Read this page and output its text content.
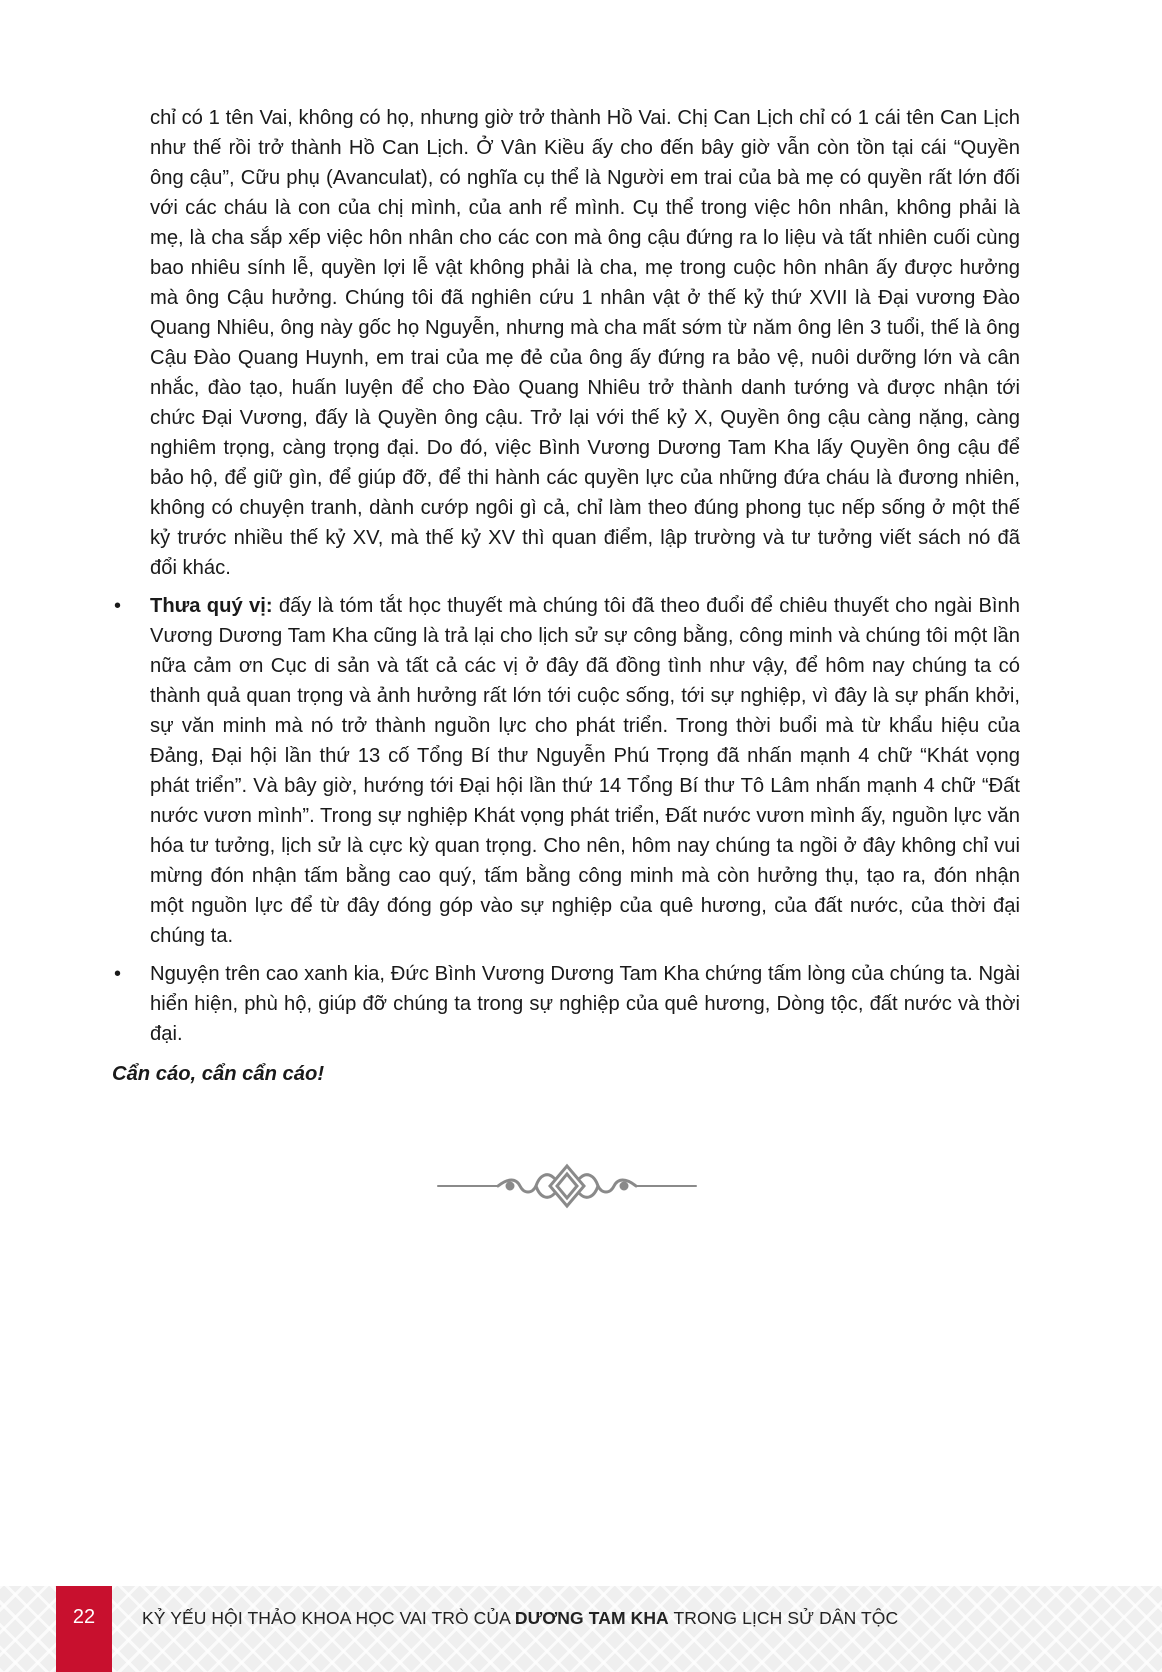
chỉ có 1 tên Vai, không có họ, nhưng giờ trở thành Hồ Vai. Chị Can Lịch chỉ có 1 cái tên Can Lịch như thế rồi trở thành Hồ Can Lịch. Ở Vân Kiều ấy cho đến bây giờ vẫn còn tồn tại cái “Quyền ông cậu”, Cữu phụ (Avanculat), có nghĩa cụ thể là Người em trai của bà mẹ có quyền rất lớn đối với các cháu là con của chị mình, của anh rể mình. Cụ thể trong việc hôn nhân, không phải là mẹ, là cha sắp xếp việc hôn nhân cho các con mà ông cậu đứng ra lo liệu và tất nhiên cuối cùng bao nhiêu sính lễ, quyền lợi lễ vật không phải là cha, mẹ trong cuộc hôn nhân ấy được hưởng mà ông Cậu hưởng. Chúng tôi đã nghiên cứu 1 nhân vật ở thế kỷ thứ XVII là Đại vương Đào Quang Nhiêu, ông này gốc họ Nguyễn, nhưng mà cha mất sớm từ năm ông lên 3 tuổi, thế là ông Cậu Đào Quang Huynh, em trai của mẹ đẻ của ông ấy đứng ra bảo vệ, nuôi dưỡng lớn và cân nhắc, đào tạo, huấn luyện để cho Đào Quang Nhiêu trở thành danh tướng và được nhận tới chức Đại Vương, đấy là Quyền ông cậu. Trở lại với thế kỷ X, Quyền ông cậu càng nặng, càng nghiêm trọng, càng trọng đại. Do đó, việc Bình Vương Dương Tam Kha lấy Quyền ông cậu để bảo hộ, để giữ gìn, để giúp đỡ, để thi hành các quyền lực của những đứa cháu là đương nhiên, không có chuyện tranh, dành cướp ngôi gì cả, chỉ làm theo đúng phong tục nếp sống ở một thế kỷ trước nhiều thế kỷ XV, mà thế kỷ XV thì quan điểm, lập trường và tư tưởng viết sách nó đã đổi khác.

• Thưa quý vị: đấy là tóm tắt học thuyết mà chúng tôi đã theo đuổi để chiêu thuyết cho ngài Bình Vương Dương Tam Kha cũng là trả lại cho lịch sử sự công bằng, công minh và chúng tôi một lần nữa cảm ơn Cục di sản và tất cả các vị ở đây đã đồng tình như vậy, để hôm nay chúng ta có thành quả quan trọng và ảnh hưởng rất lớn tới cuộc sống, tới sự nghiệp, vì đây là sự phấn khởi, sự văn minh mà nó trở thành nguồn lực cho phát triển. Trong thời buổi mà từ khẩu hiệu của Đảng, Đại hội lần thứ 13 cố Tổng Bí thư Nguyễn Phú Trọng đã nhấn mạnh 4 chữ “Khát vọng phát triển”. Và bây giờ, hướng tới Đại hội lần thứ 14 Tổng Bí thư Tô Lâm nhấn mạnh 4 chữ “Đất nước vươn mình”. Trong sự nghiệp Khát vọng phát triển, Đất nước vươn mình ấy, nguồn lực văn hóa tư tưởng, lịch sử là cực kỳ quan trọng. Cho nên, hôm nay chúng ta ngồi ở đây không chỉ vui mừng đón nhận tấm bằng cao quý, tấm bằng công minh mà còn hưởng thụ, tạo ra, đón nhận một nguồn lực để từ đây đóng góp vào sự nghiệp của quê hương, của đất nước, của thời đại chúng ta.
• Nguyện trên cao xanh kia, Đức Bình Vương Dương Tam Kha chứng tấm lòng của chúng ta. Ngài hiển hiện, phù hộ, giúp đỡ chúng ta trong sự nghiệp của quê hương, Dòng tộc, đất nước và thời đại.

Cẩn cáo, cẩn cẩn cáo!

22	KỶ YẾU HỘI THẢO KHOA HỌC VAI TRÒ CỦA DƯƠNG TAM KHA TRONG LỊCH SỬ DÂN TỘC
